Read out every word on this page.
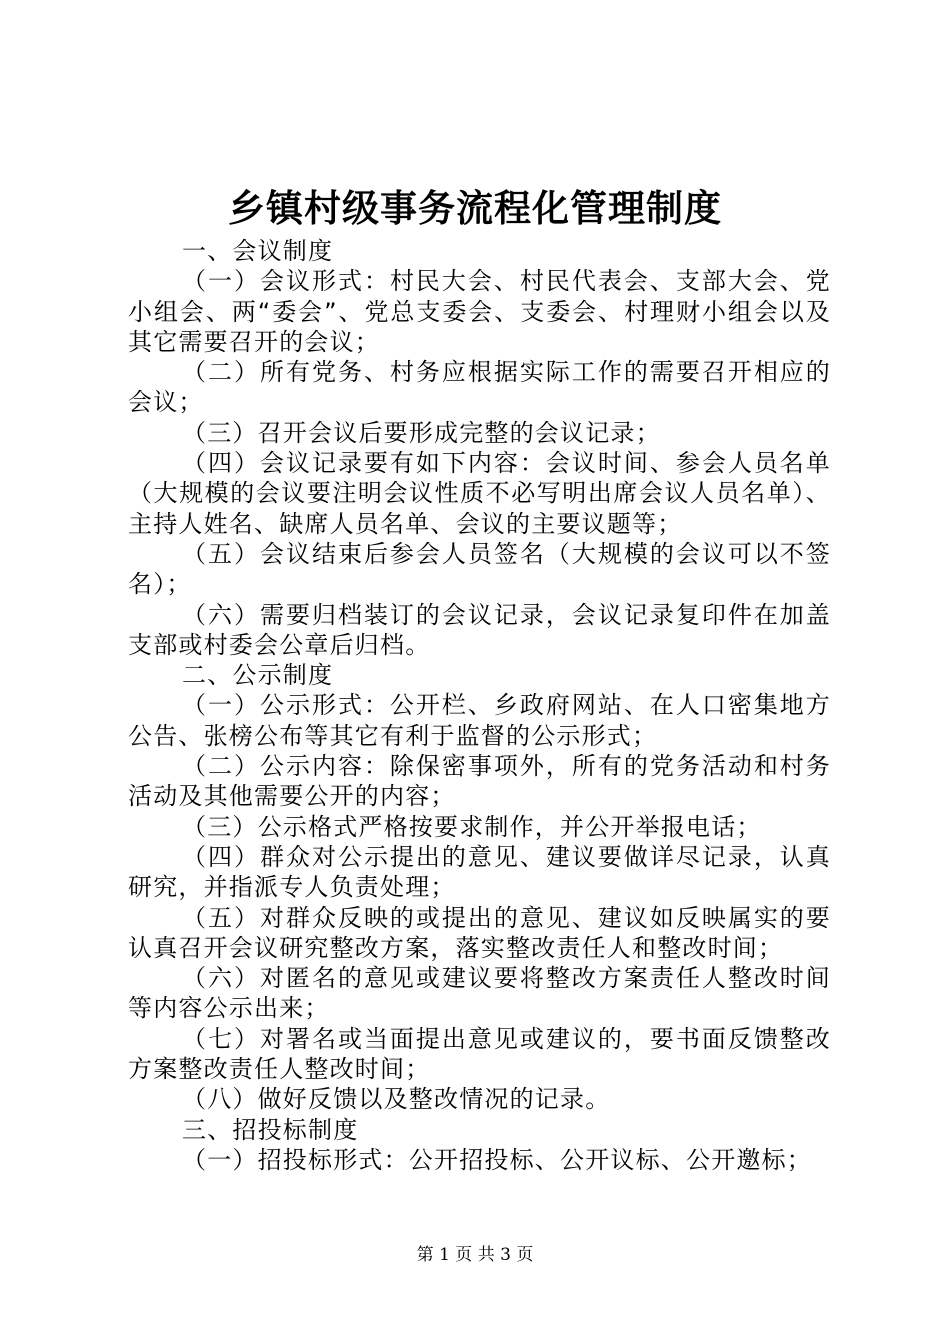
乡镇村级事务流程化管理制度

一、会议制度

（一）会议形式：村民大会、村民代表会、支部大会、党小组会、两“委会”、党总支委会、支委会、村理财小组会以及其它需要召开的会议；

（二）所有党务、村务应根据实际工作的需要召开相应的会议；

（三）召开会议后要形成完整的会议记录；

（四）会议记录要有如下内容：会议时间、参会人员名单（大规模的会议要注明会议性质不必写明出席会议人员名单）、主持人姓名、缺席人员名单、会议的主要议题等；

（五）会议结束后参会人员签名（大规模的会议可以不签名）；

（六）需要归档装订的会议记录，会议记录复印件在加盖支部或村委会公章后归档。

二、公示制度

（一）公示形式：公开栏、乡政府网站、在人口密集地方公告、张榜公布等其它有利于监督的公示形式；

（二）公示内容：除保密事项外，所有的党务活动和村务活动及其他需要公开的内容；

（三）公示格式严格按要求制作，并公开举报电话；

（四）群众对公示提出的意见、建议要做详尽记录，认真研究，并指派专人负责处理；

（五）对群众反映的或提出的意见、建议如反映属实的要认真召开会议研究整改方案，落实整改责任人和整改时间；

（六）对匿名的意见或建议要将整改方案责任人整改时间等内容公示出来；

（七）对署名或当面提出意见或建议的，要书面反馈整改方案整改责任人整改时间；

（八）做好反馈以及整改情况的记录。

三、招投标制度

（一）招投标形式：公开招投标、公开议标、公开邀标；

第 1 页 共 3 页
